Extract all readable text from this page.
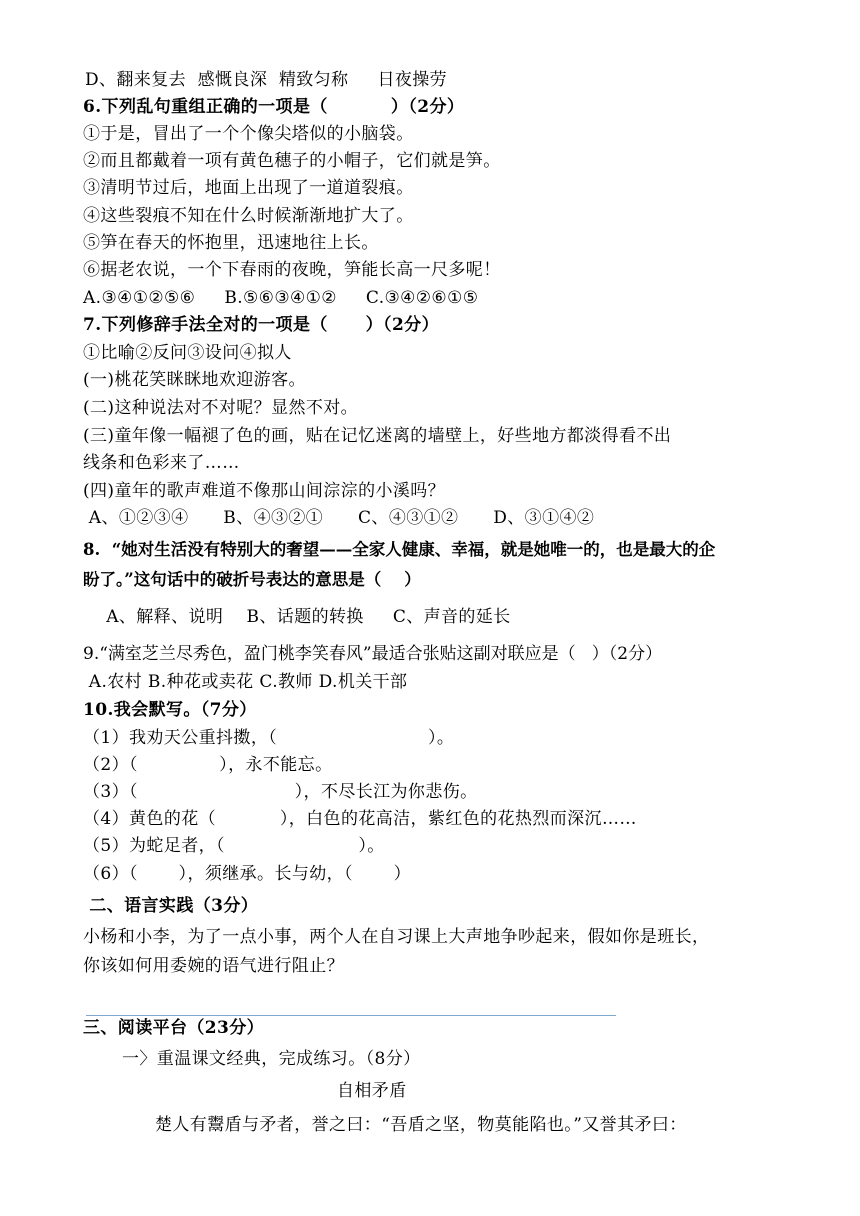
D、翻来复去  感慨良深  精致匀称     日夜操劳
6.下列乱句重组正确的一项是（          ）（2分）
①于是，冒出了一个个像尖塔似的小脑袋。
②而且都戴着一项有黄色穗子的小帽子，它们就是笋。
③清明节过后，地面上出现了一道道裂痕。
④这些裂痕不知在什么时候渐渐地扩大了。
⑤笋在春天的怀抱里，迅速地往上长。
⑥据老农说，一个下春雨的夜晚，笋能长高一尺多呢！
A.③④①②⑤⑥     B.⑤⑥③④①②     C.③④②⑥①⑤
7.下列修辞手法全对的一项是（      ）（2分）
①比喻②反问③设问④拟人
(一)桃花笑眯眯地欢迎游客。
(二)这种说法对不对呢？显然不对。
(三)童年像一幅褪了色的画，贴在记忆迷离的墙壁上，好些地方都淡得看不出
线条和色彩来了……
(四)童年的歌声难道不像那山间淙淙的小溪吗？
A、①②③④      B、④③②①      C、④③①②      D、③①④②
8.  “她对生活没有特别大的奢望——全家人健康、幸福，就是她唯一的，也是最大的企
盼了。”这句话中的破折号表达的意思是（    ）
A、解释、说明    B、话题的转换     C、声音的延长
9.“满室芝兰尽秀色，盈门桃李笑春风”最适合张贴这副对联应是（   ）（2分）
A.农村 B.种花或卖花 C.教师 D.机关干部
10.我会默写。（7分）
（1）我劝天公重抖擞，（                          ）。
（2）（              ），永不能忘。
（3）（                           ），不尽长江为你悲伤。
（4）黄色的花（           ），白色的花高洁，紫红色的花热烈而深沉……
（5）为蛇足者，（                       ）。
（6）（       ），须继承。长与幼，（       ）
二、语言实践（3分）
小杨和小李，为了一点小事，两个人在自习课上大声地争吵起来，假如你是班长，
你该如何用委婉的语气进行阻止？
三、阅读平台（23分）
一〉重温课文经典，完成练习。（8分）
自相矛盾
楚人有鬻盾与矛者，誉之曰：“吾盾之坚，物莫能陷也。”又誉其矛曰：
